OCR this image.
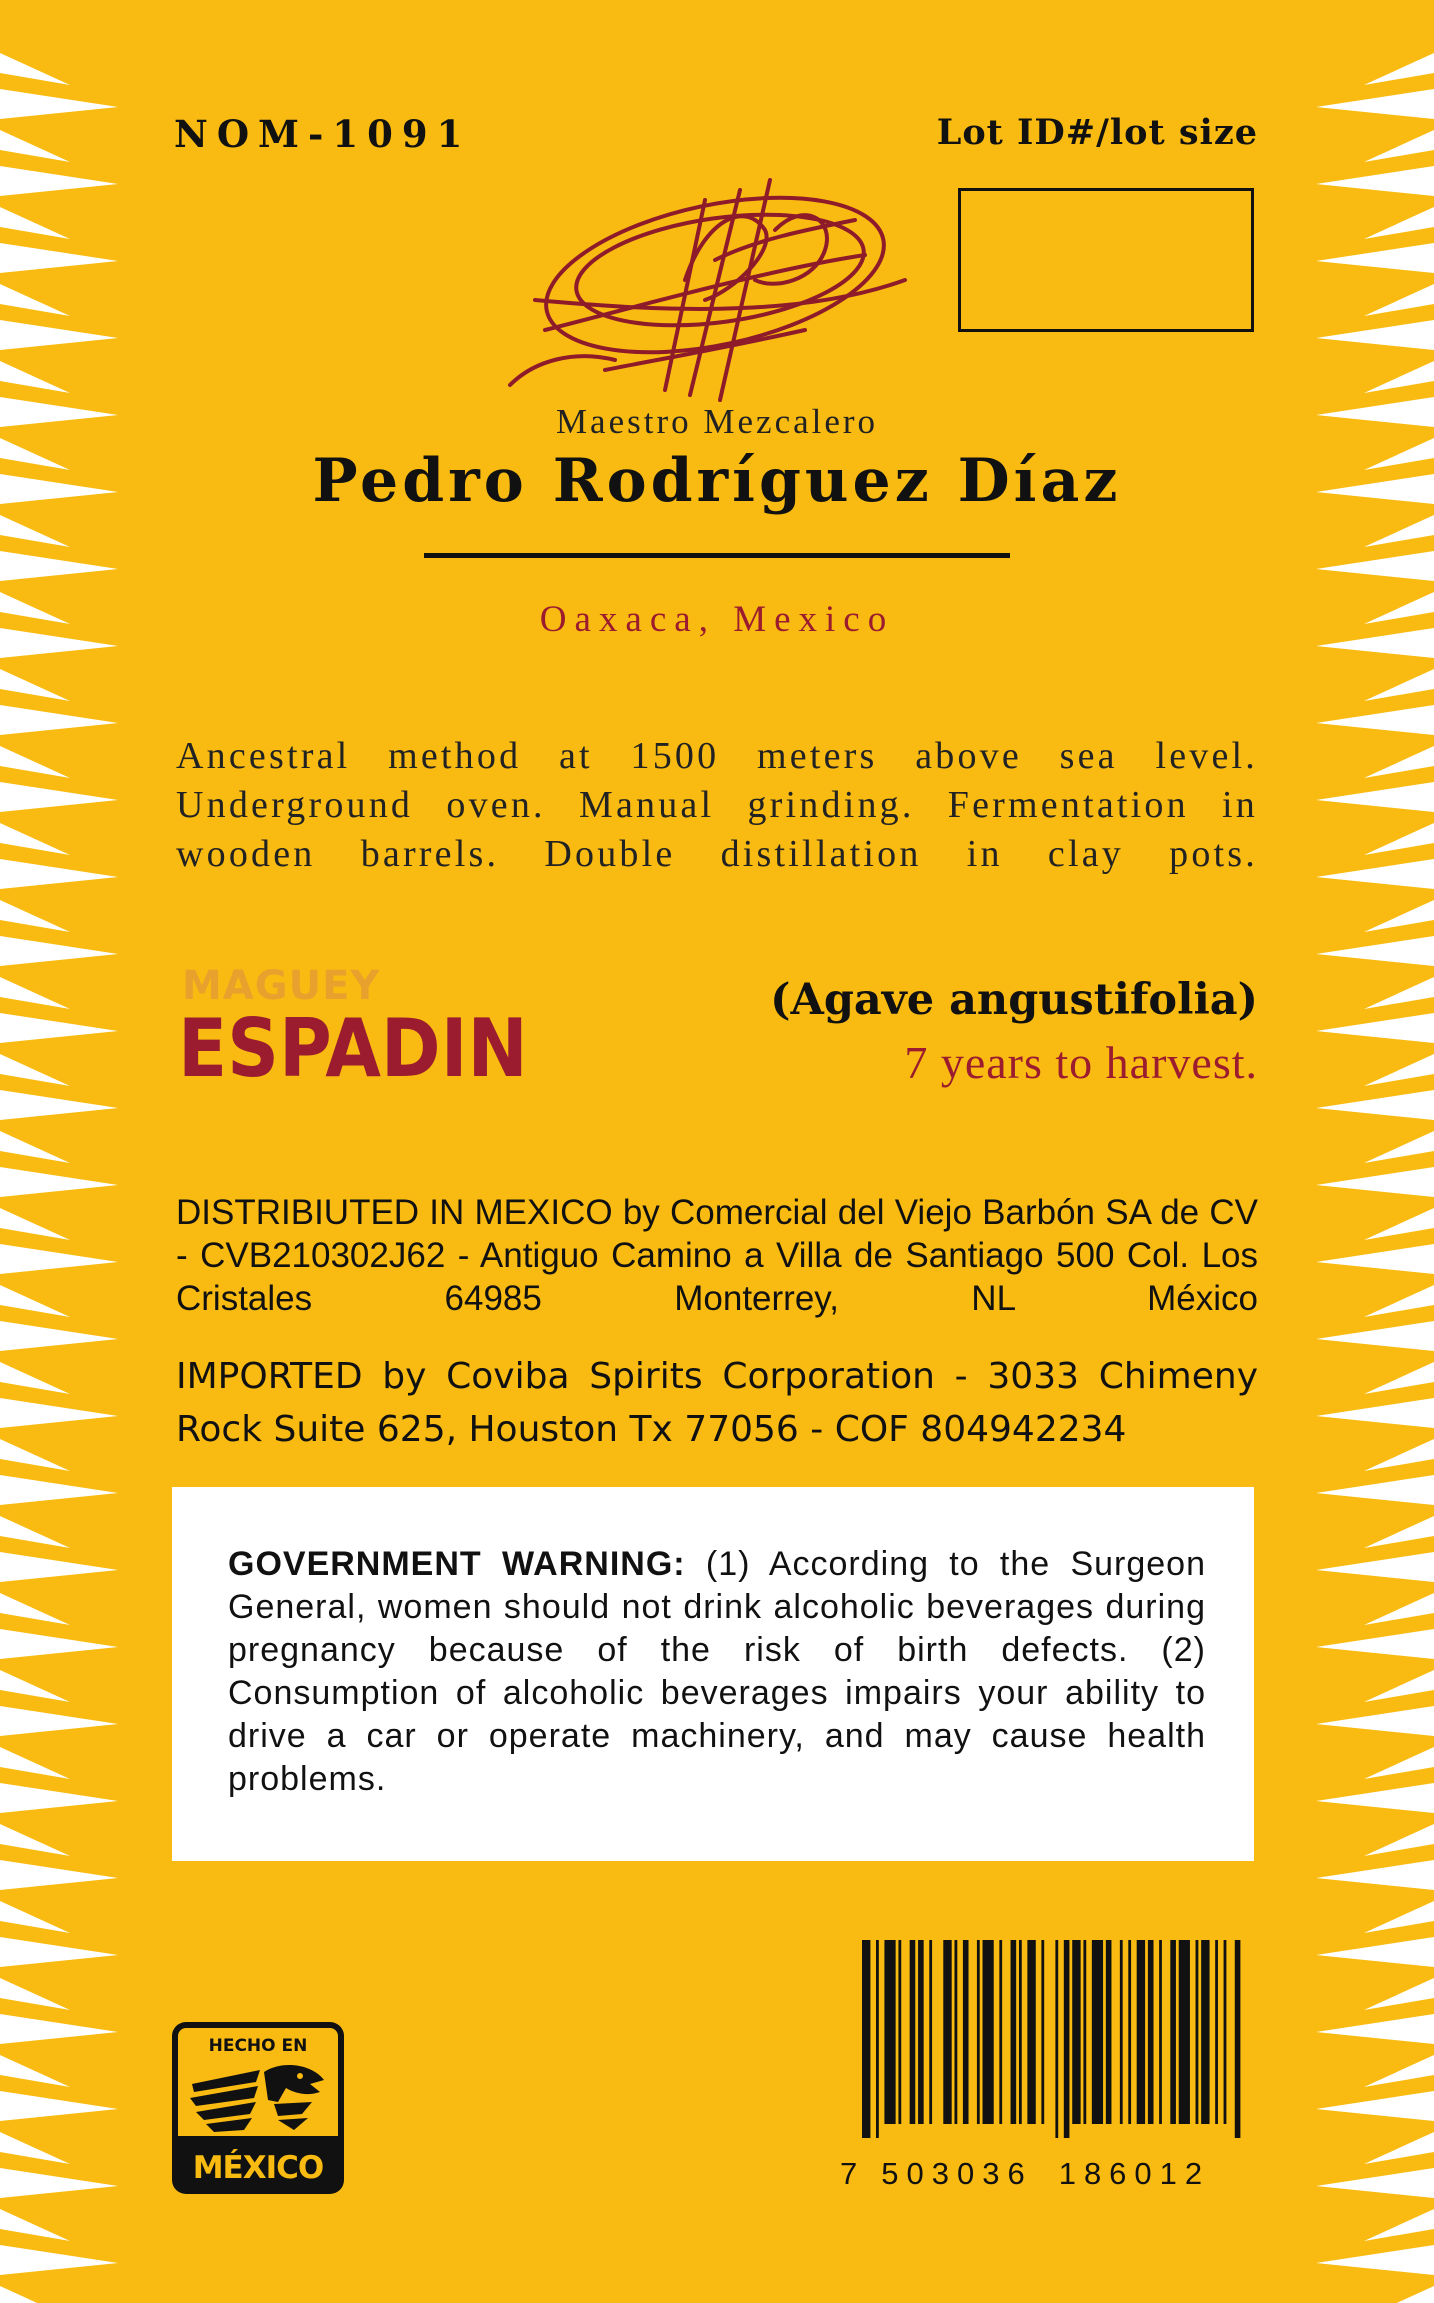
NOM-1091	Lot ID#/lot size
Maestro Mezcalero
Pedro Rodríguez Díaz
Oaxaca, Mexico
Ancestral method at 1500 meters above sea level. Underground oven. Manual grinding. Fermentation in wooden barrels. Double distillation in clay pots.
MAGUEY
ESPADIN
(Agave angustifolia)
7 years to harvest.
DISTRIBIUTED IN MEXICO by Comercial del Viejo Barbón SA de CV - CVB210302J62 - Antiguo Camino a Villa de Santiago 500 Col. Los Cristales 64985 Monterrey, NL México
IMPORTED by Coviba Spirits Corporation - 3033 Chimeny Rock Suite 625, Houston Tx 77056 - COF 804942234
GOVERNMENT WARNING: (1) According to the Surgeon General, women should not drink alcoholic beverages during pregnancy because of the risk of birth defects. (2) Consumption of alcoholic beverages impairs your ability to drive a car or operate machinery, and may cause health problems.
7 503036 186012
HECHO EN
MÉXICO
